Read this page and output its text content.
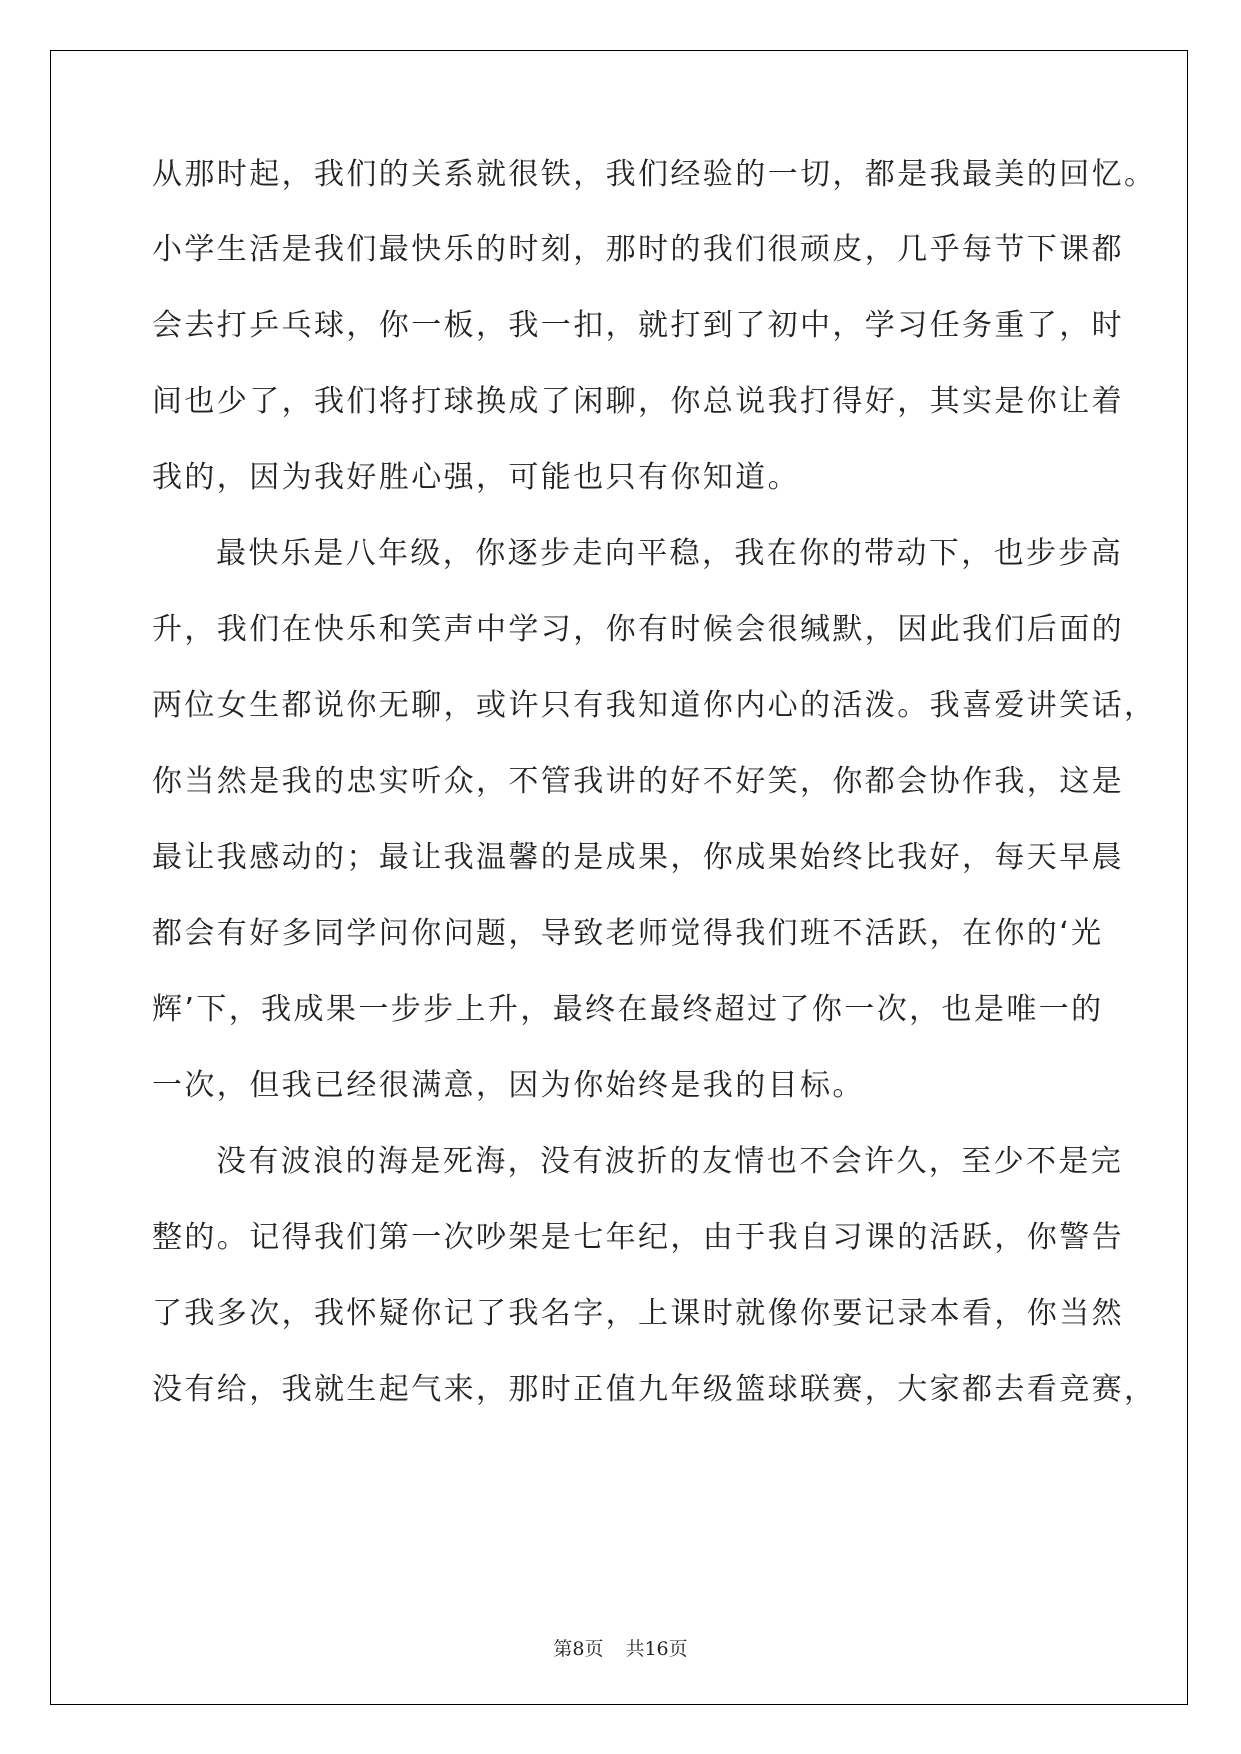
从那时起，我们的关系就很铁，我们经验的一切，都是我最美的回忆。
小学生活是我们最快乐的时刻，那时的我们很顽皮，几乎每节下课都
会去打乒乓球，你一板，我一扣，就打到了初中，学习任务重了，时
间也少了，我们将打球换成了闲聊，你总说我打得好，其实是你让着
我的，因为我好胜心强，可能也只有你知道。
最快乐是八年级，你逐步走向平稳，我在你的带动下，也步步高
升，我们在快乐和笑声中学习，你有时候会很缄默，因此我们后面的
两位女生都说你无聊，或许只有我知道你内心的活泼。我喜爱讲笑话，
你当然是我的忠实听众，不管我讲的好不好笑，你都会协作我，这是
最让我感动的；最让我温馨的是成果，你成果始终比我好，每天早晨
都会有好多同学问你问题，导致老师觉得我们班不活跃，在你的‘光
辉’下，我成果一步步上升，最终在最终超过了你一次，也是唯一的
一次，但我已经很满意，因为你始终是我的目标。
没有波浪的海是死海，没有波折的友情也不会许久，至少不是完
整的。记得我们第一次吵架是七年纪，由于我自习课的活跃，你警告
了我多次，我怀疑你记了我名字，上课时就像你要记录本看，你当然
没有给，我就生起气来，那时正值九年级篮球联赛，大家都去看竞赛，
第8页 共16页
